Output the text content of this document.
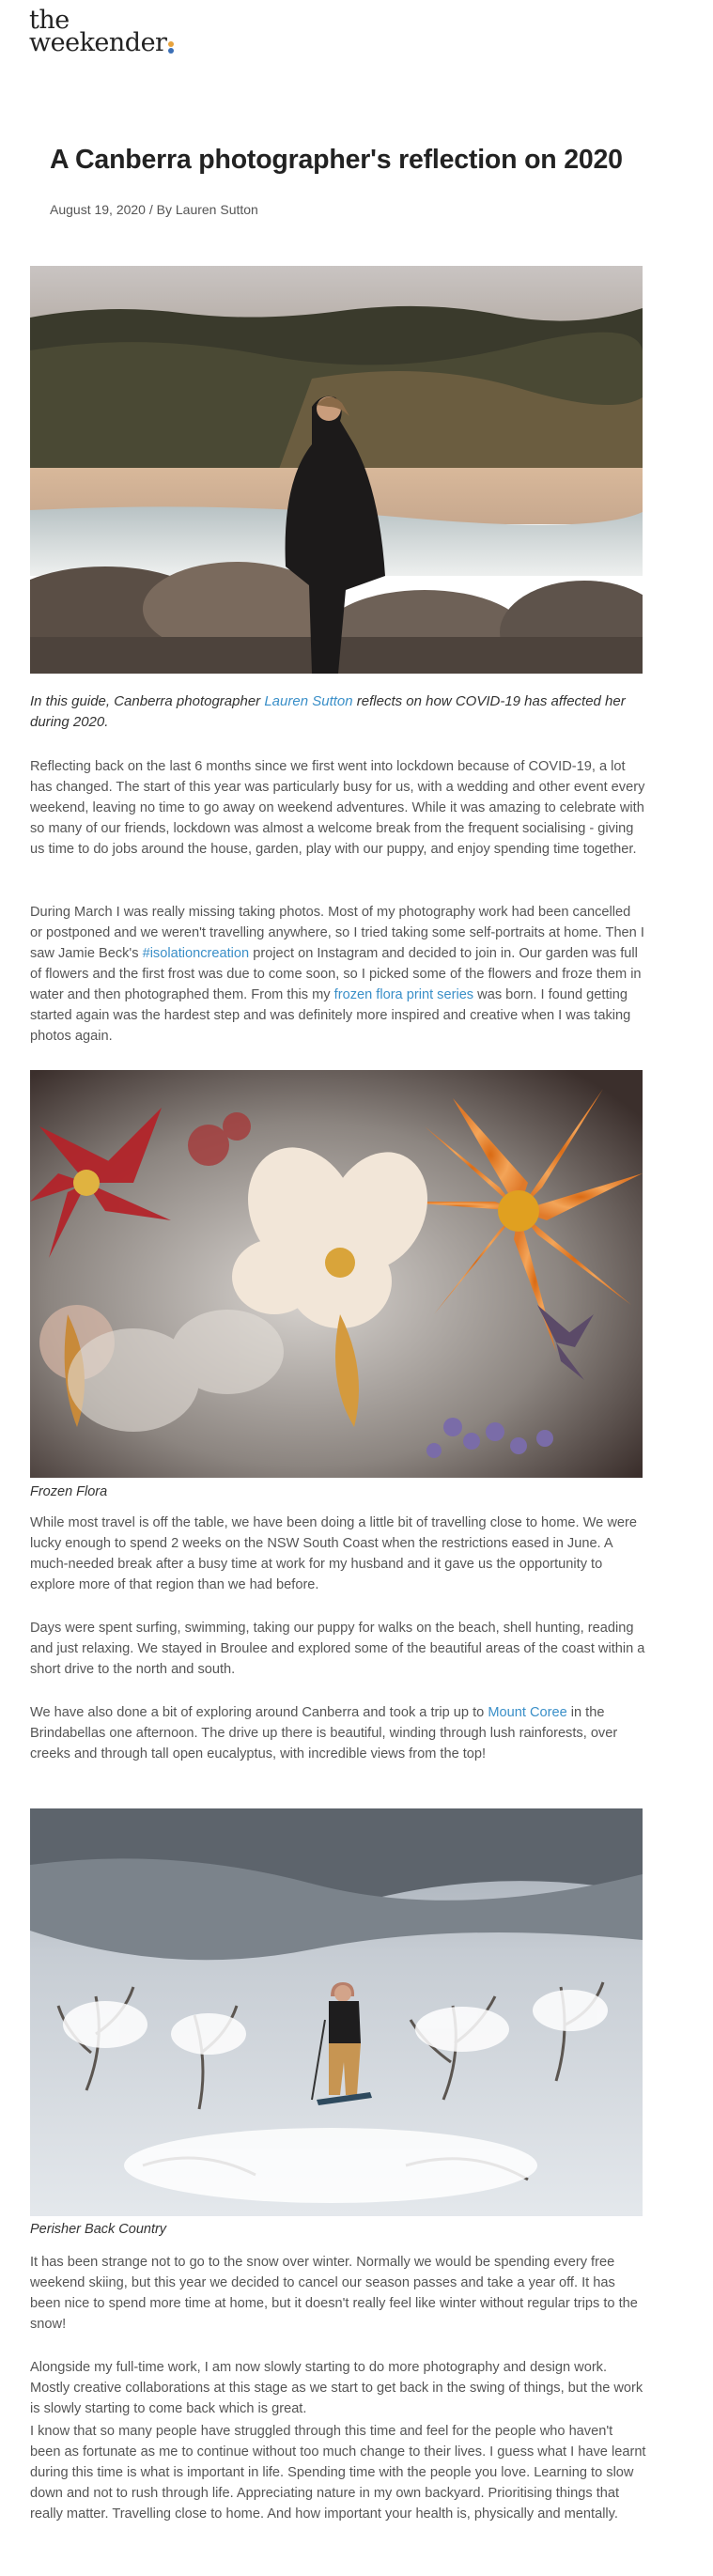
the
weekender
A Canberra photographer's reflection on 2020
August 19, 2020 / By Lauren Sutton

In this guide, Canberra photographer Lauren Sutton reflects on how COVID-19 has affected her during 2020.

Reflecting back on the last 6 months since we first went into lockdown because of COVID-19, a lot has changed. The start of this year was particularly busy for us, with a wedding and other event every weekend, leaving no time to go away on weekend adventures. While it was amazing to celebrate with so many of our friends, lockdown was almost a welcome break from the frequent socialising - giving us time to do jobs around the house, garden, play with our puppy, and enjoy spending time together.

During March I was really missing taking photos. Most of my photography work had been cancelled or postponed and we weren't travelling anywhere, so I tried taking some self-portraits at home. Then I saw Jamie Beck's #isolationcreation project on Instagram and decided to join in. Our garden was full of flowers and the first frost was due to come soon, so I picked some of the flowers and froze them in water and then photographed them. From this my frozen flora print series was born. I found getting started again was the hardest step and was definitely more inspired and creative when I was taking photos again.

Frozen Flora

While most travel is off the table, we have been doing a little bit of travelling close to home. We were lucky enough to spend 2 weeks on the NSW South Coast when the restrictions eased in June. A much-needed break after a busy time at work for my husband and it gave us the opportunity to explore more of that region than we had before.

Days were spent surfing, swimming, taking our puppy for walks on the beach, shell hunting, reading and just relaxing. We stayed in Broulee and explored some of the beautiful areas of the coast within a short drive to the north and south.

We have also done a bit of exploring around Canberra and took a trip up to Mount Coree in the Brindabellas one afternoon. The drive up there is beautiful, winding through lush rainforests, over creeks and through tall open eucalyptus, with incredible views from the top!

Perisher Back Country

It has been strange not to go to the snow over winter. Normally we would be spending every free weekend skiing, but this year we decided to cancel our season passes and take a year off. It has been nice to spend more time at home, but it doesn't really feel like winter without regular trips to the snow!

Alongside my full-time work, I am now slowly starting to do more photography and design work. Mostly creative collaborations at this stage as we start to get back in the swing of things, but the work is slowly starting to come back which is great.

I know that so many people have struggled through this time and feel for the people who haven't been as fortunate as me to continue without too much change to their lives. I guess what I have learnt during this time is what is important in life. Spending time with the people you love. Learning to slow down and not to rush through life. Appreciating nature in my own backyard. Prioritising things that really matter. Travelling close to home. And how important your health is, physically and mentally.
